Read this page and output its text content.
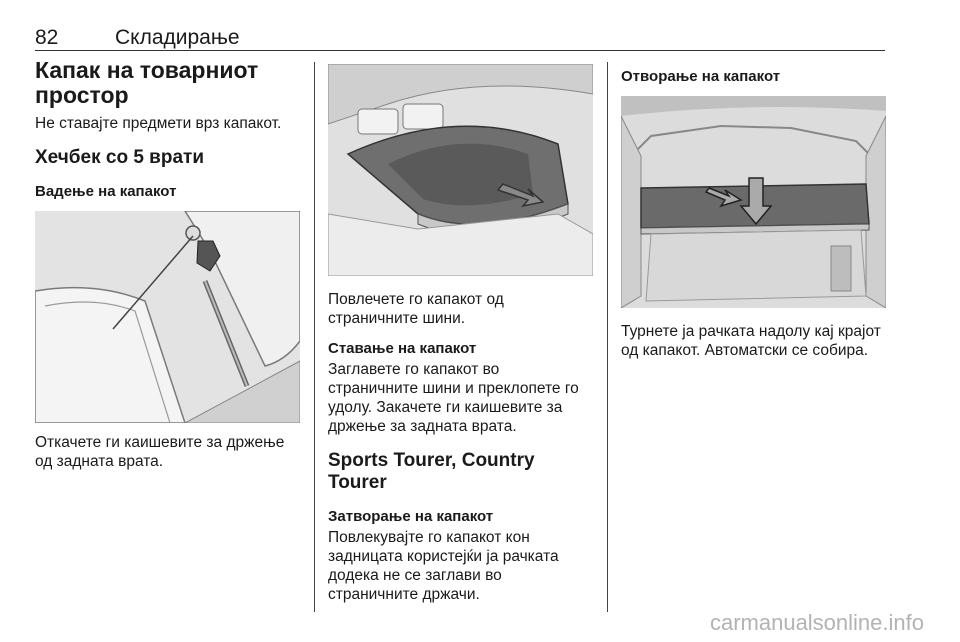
82	Складирање
Капак на товарниот простор

Не ставајте предмети врз капакот.

Хечбек со 5 врати
Вадење на капакот

Откачете ги каишевите за држење од задната врата.

Повлечете го капакот од страничните шини.

Ставање на капакот

Заглавете го капакот во страничните шини и преклопете го удолу. Закачете ги каишевите за држење за задната врата.

Sports Tourer, Country Tourer
Затворање на капакот

Повлекувајте го капакот кон задницата користејќи ја рачката додека не се заглави во страничните држачи.

Отворање на капакот

Турнете ја рачката надолу кај крајот од капакот. Автоматски се собира.

carmanualsonline.info
